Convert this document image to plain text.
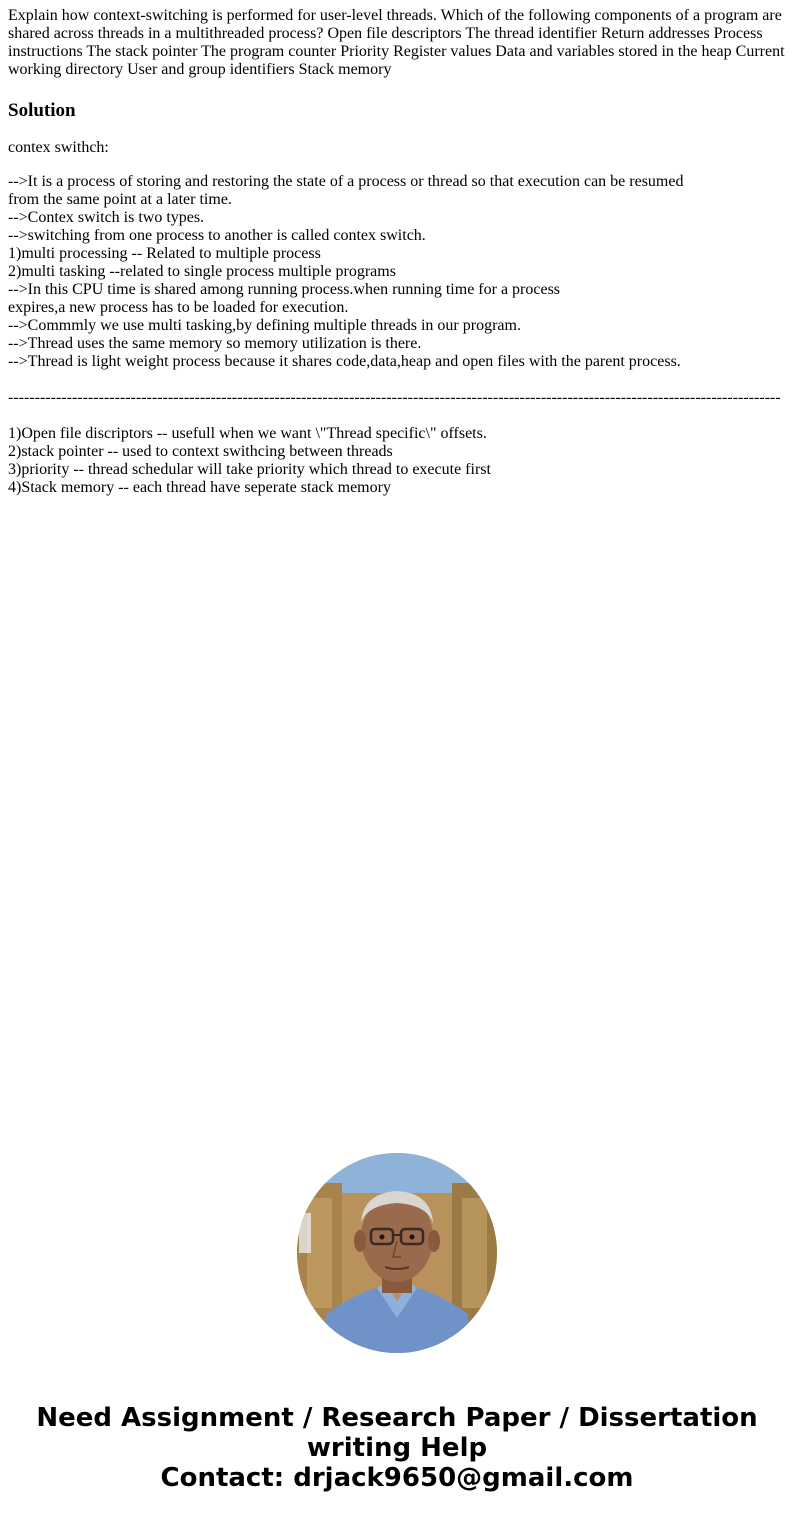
Explain how context-switching is performed for user-level threads. Which of the following components of a program are shared across threads in a multithreaded process? Open file descriptors The thread identifier Return addresses Process instructions The stack pointer The program counter Priority Register values Data and variables stored in the heap Current working directory User and group identifiers Stack memory

Solution

contex swithch:

-->It is a process of storing and restoring the state of a process or thread so that execution can be resumed
from the same point at a later time.
-->Contex switch is two types.
-->switching from one process to another is called contex switch.
1)multi processing -- Related to multiple process
2)multi tasking --related to single process multiple programs
-->In this CPU time is shared among running process.when running time for a process
expires,a new process has to be loaded for execution.
-->Commmly we use multi tasking,by defining multiple threads in our program.
-->Thread uses the same memory so memory utilization is there.
-->Thread is light weight process because it shares code,data,heap and open files with the parent process.
-------------------------------------------------------------------------------------------------------------------------------------------------
1)Open file discriptors -- usefull when we want \"Thread specific\" offsets.
2)stack pointer -- used to context swithcing between threads
3)priority -- thread schedular will take priority which thread to execute first
4)Stack memory -- each thread have seperate stack memory
Need Assignment / Research Paper / Dissertation
writing Help
Contact: drjack9650@gmail.com
